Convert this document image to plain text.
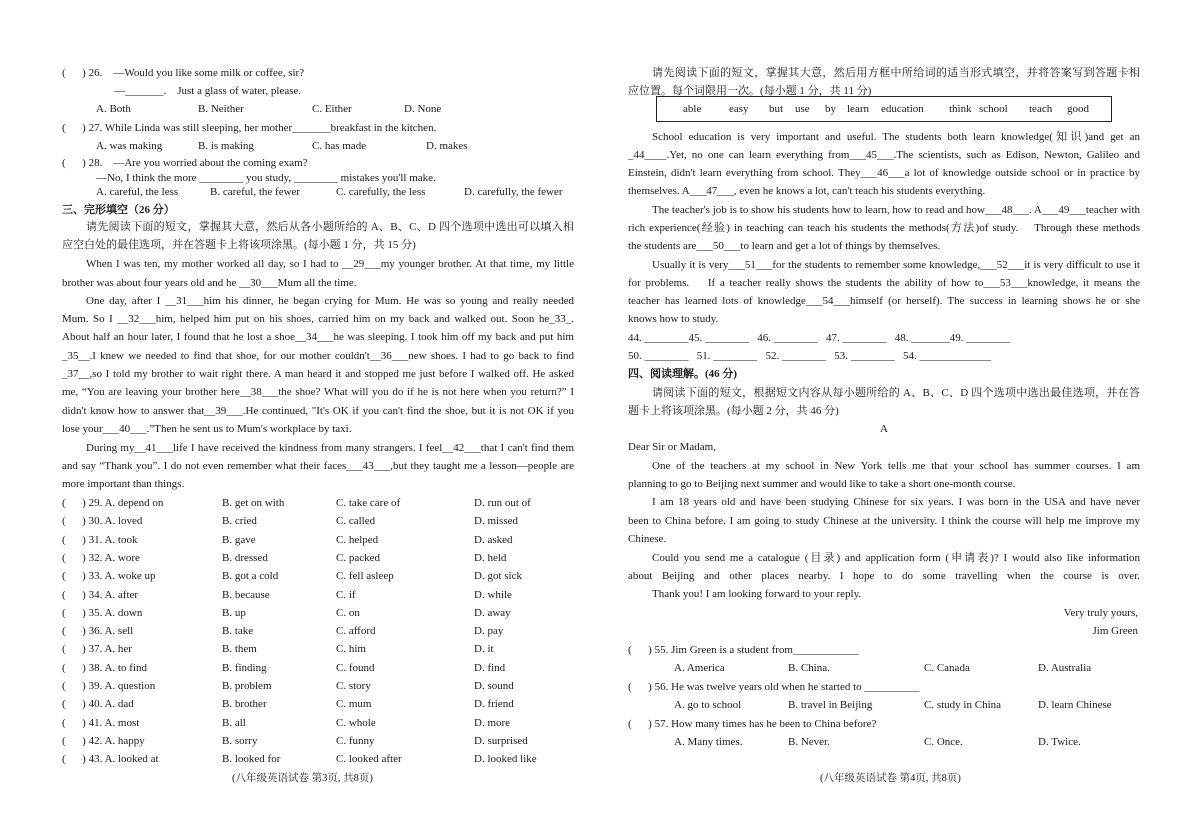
(      ) 26.    —Would you like some milk or coffee, sir?
—_______.    Just a glass of water, please.
A. Both	B. Neither	C. Either	D. None
(      ) 27. While Linda was still sleeping, her mother_______breakfast in the kitchen.
A. was making	B. is making	C. has made	D. makes
(      ) 28.    —Are you worried about the coming exam?
—No, I think the more ________ you study, ________ mistakes you'll make.
A. careful, the less	B. careful, the fewer	C. carefully, the less	D. carefully, the fewer
三、完形填空（26 分）
请先阅读下面的短文，掌握其大意，然后从各小题所给的 A、B、C、D 四个选项中选出可以填入相
应空白处的最佳选项，并在答题卡上将该项涂黑。(每小题 1 分，共 15 分)
When I was ten, my mother worked all day, so I had to __29___my younger brother. At that time, my little
brother was about four years old and he __30___Mum all the time.
One day, after I __31___him his dinner, he began crying for Mum. He was so young and really needed
Mum. So I __32___him, helped him put on his shoes, carried him on my back and walked out. Soon he_33_.
About half an hour later, I found that he lost a shoe__34___he was sleeping. I took him off my back and put him
_35__.I knew we needed to find that shoe, for our mother couldn't__36___new shoes. I had to go back to find
_37__,so I told my brother to wait right there. A man heard it and stopped me just before I walked off. He asked
me, “You are leaving your brother here__38___the shoe? What will you do if he is not here when you return?” I
didn't know how to answer that__39___.He continued, "It's OK if you can't find the shoe, but it is not OK if you
lose your___40___.”Then he sent us to Mum's workplace by taxi.
During my__41___life I have received the kindness from many strangers. I feel__42___that I can't find them
and say “Thank you”. I do not even remember what their faces___43___,but they taught me a lesson—people are
more important than things.
(      ) 29. A. depend on	B. get on with	C. take care of	D. run out of
(      ) 30. A. loved	B. cried	C. called	D. missed
(      ) 31. A. took	B. gave	C. helped	D. asked
(      ) 32. A. wore	B. dressed	C. packed	D. held
(      ) 33. A. woke up	B. got a cold	C. fell asleep	D. got sick
(      ) 34. A. after	B. because	C. if	D. while
(      ) 35. A. down	B. up	C. on	D. away
(      ) 36. A. sell	B. take	C. afford	D. pay
(      ) 37. A. her	B. them	C. him	D. it
(      ) 38. A. to find	B. finding	C. found	D. find
(      ) 39. A. question	B. problem	C. story	D. sound
(      ) 40. A. dad	B. brother	C. mum	D. friend
(      ) 41. A. most	B. all	C. whole	D. more
(      ) 42. A. happy	B. sorry	C. funny	D. surprised
(      ) 43. A. looked at	B. looked for	C. looked after	D. looked like
(八年级英语试卷 第3页, 共8页)
请先阅读下面的短文，掌握其大意，然后用方框中所给词的适当形式填空，并将答案写到答题卡相
应位置。每个词限用一次。(每小题 1 分，共 11 分)
able	easy but use by learn education think school teach good
School education is very important and useful. The students both learn knowledge(知识)and get an
_44____.Yet, no one can learn everything from___45___.The scientists, such as Edison, Newton, Galileo and
Einstein, didn't learn everything from school. They___46___a lot of knowledge outside school or in practice by
themselves. A___47___, even he knows a lot, can't teach his students everything.
The teacher's job is to show his students how to learn, how to read and how___48___. A___49___teacher with
rich experience(经验) in teaching can teach his students the methods(方法)of study.    Through these methods
the students are___50___to learn and get a lot of things by themselves.
Usually it is very___51___for the students to remember some knowledge,___52___it is very difficult to use it
for problems.    If a teacher really shows the students the ability of how to___53___knowledge, it means the
teacher has learned lots of knowledge___54___himself (or herself). The success in learning shows he or she
knows how to study.
44. ________45. ________   46. ________   47. ________   48. _______49. ________
50. ________   51. ________   52. ________   53. ________   54. _____________
四、阅读理解。(46 分)
请阅读下面的短文，根据短文内容从每小题所给的 A、B、C、D 四个选项中选出最佳选项，并在答
题卡上将该项涂黑。(每小题 2 分，共 46 分)
A
Dear Sir or Madam,
One of the teachers at my school in New York tells me that your school has summer courses. I am
planning to go to Beijing next summer and would like to take a short one-month course.
I am 18 years old and have been studying Chinese for six years. I was born in the USA and have never
been to China before. I am going to study Chinese at the university. I think the course will help me improve my
Chinese.
Could you send me a catalogue (目录) and application form (申请表)? I would also like information
about Beijing and other places nearby. I hope to do some travelling when the course is over.
Thank you! I am looking forward to your reply.
Very truly yours,
Jim Green
(      ) 55. Jim Green is a student from____________
A. America	B. China.	C. Canada	D. Australia
(      ) 56. He was twelve years old when he started to __________
A. go to school	B. travel in Beijing	C. study in China	D. learn Chinese
(      ) 57. How many times has he been to China before?
A. Many times.	B. Never.	C. Once.	D. Twice.
(八年级英语试卷 第4页, 共8页)
